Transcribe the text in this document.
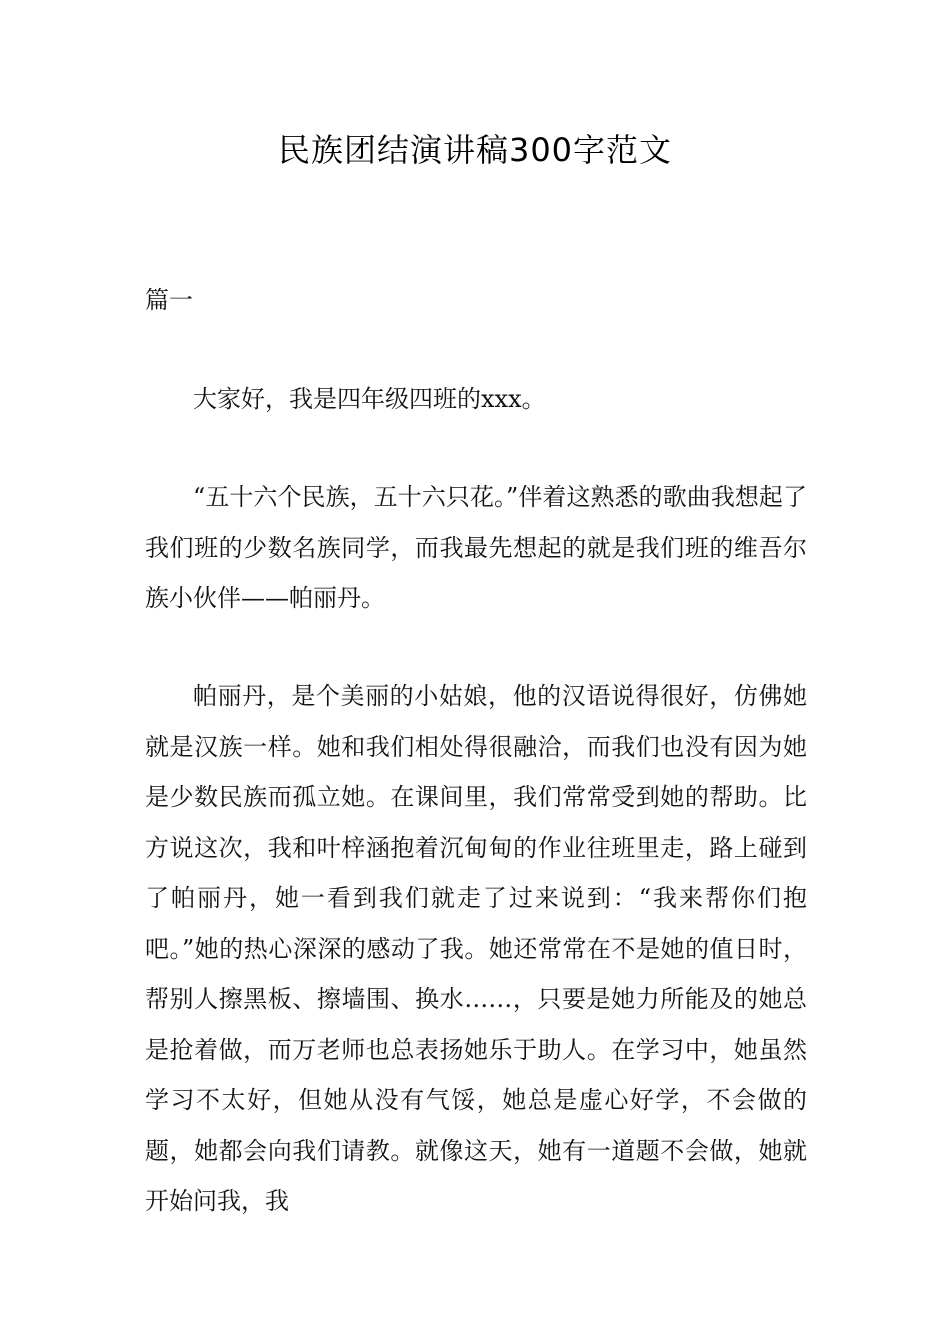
民族团结演讲稿300字范文
篇一

大家好，我是四年级四班的xxx。

“五十六个民族，五十六只花。”伴着这熟悉的歌曲我想起了我们班的少数名族同学，而我最先想起的就是我们班的维吾尔族小伙伴——帕丽丹。

帕丽丹，是个美丽的小姑娘，他的汉语说得很好，仿佛她就是汉族一样。她和我们相处得很融洽，而我们也没有因为她是少数民族而孤立她。在课间里，我们常常受到她的帮助。比方说这次，我和叶梓涵抱着沉甸甸的作业往班里走，路上碰到了帕丽丹，她一看到我们就走了过来说到：“我来帮你们抱吧。”她的热心深深的感动了我。她还常常在不是她的值日时，帮别人擦黑板、擦墙围、换水……，只要是她力所能及的她总是抢着做，而万老师也总表扬她乐于助人。在学习中，她虽然学习不太好，但她从没有气馁，她总是虚心好学，不会做的题，她都会向我们请教。就像这天，她有一道题不会做，她就开始问我，我
